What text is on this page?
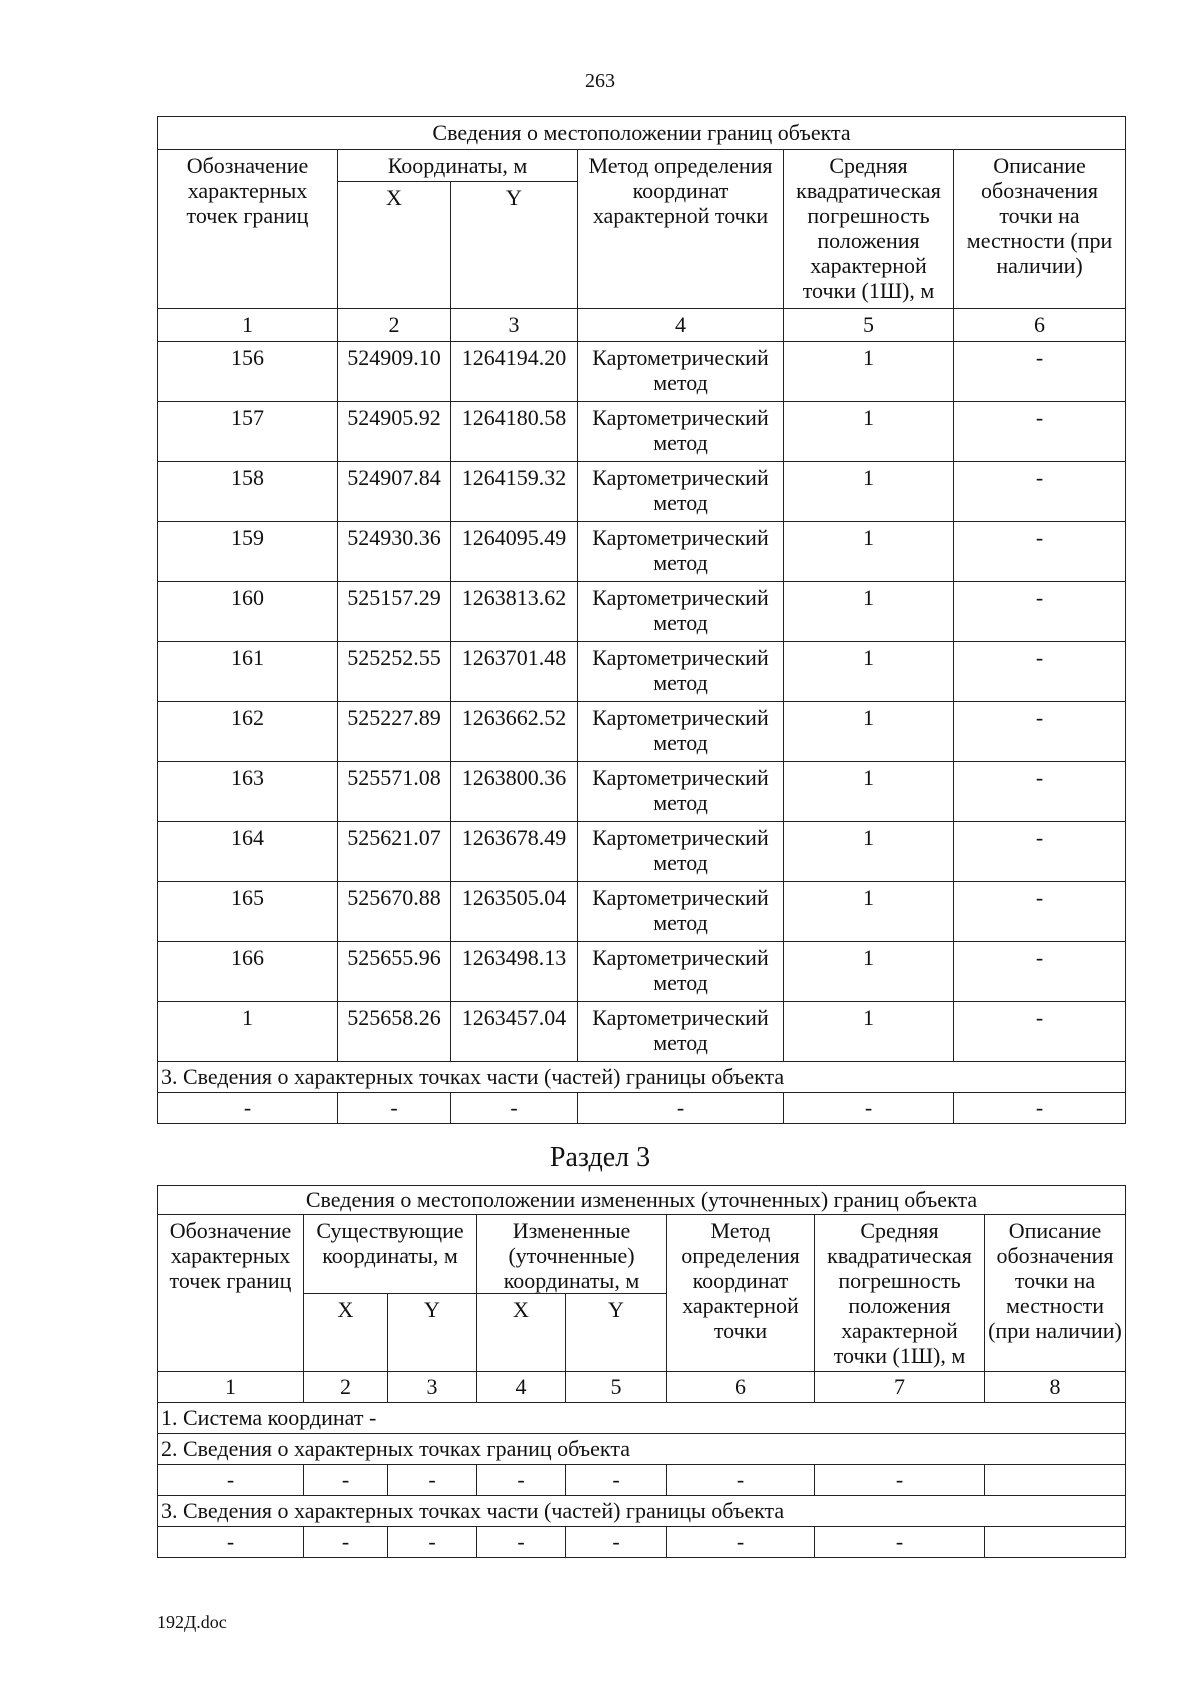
263
Сведения о местоположении границ объекта					
Обозначение характерных точек границ	Координаты, м		Метод определения координат характерной точки	Средняя квадратическая погрешность положения характерной точки (1Ш), м	Описание обозначения точки на местности (при наличии)
	X	Y			
1	2	3	4	5	6
156	524909.10	1264194.20	Картометрический метод	1	-
157	524905.92	1264180.58	Картометрический метод	1	-
158	524907.84	1264159.32	Картометрический метод	1	-
159	524930.36	1264095.49	Картометрический метод	1	-
160	525157.29	1263813.62	Картометрический метод	1	-
161	525252.55	1263701.48	Картометрический метод	1	-
162	525227.89	1263662.52	Картометрический метод	1	-
163	525571.08	1263800.36	Картометрический метод	1	-
164	525621.07	1263678.49	Картометрический метод	1	-
165	525670.88	1263505.04	Картометрический метод	1	-
166	525655.96	1263498.13	Картометрический метод	1	-
1	525658.26	1263457.04	Картометрический метод	1	-
3. Сведения о характерных точках части (частей) границы объекта					
-	-	-	-	-	-
Раздел 3
Сведения о местоположении измененных (уточненных) границ объекта							
Обозначение характерных точек границ	Существующие координаты, м		Измененные (уточненные) координаты, м		Метод определения координат характерной точки	Средняя квадратическая погрешность положения характерной точки (1Ш), м	Описание обозначения точки на местности (при наличии)
	X	Y	X	Y			
1	2	3	4	5	6	7	8
1. Система координат -							
2. Сведения о характерных точках границ объекта							
-	-	-	-	-	-	-	
3. Сведения о характерных точках части (частей) границы объекта							
-	-	-	-	-	-	-	
192Д.doc
